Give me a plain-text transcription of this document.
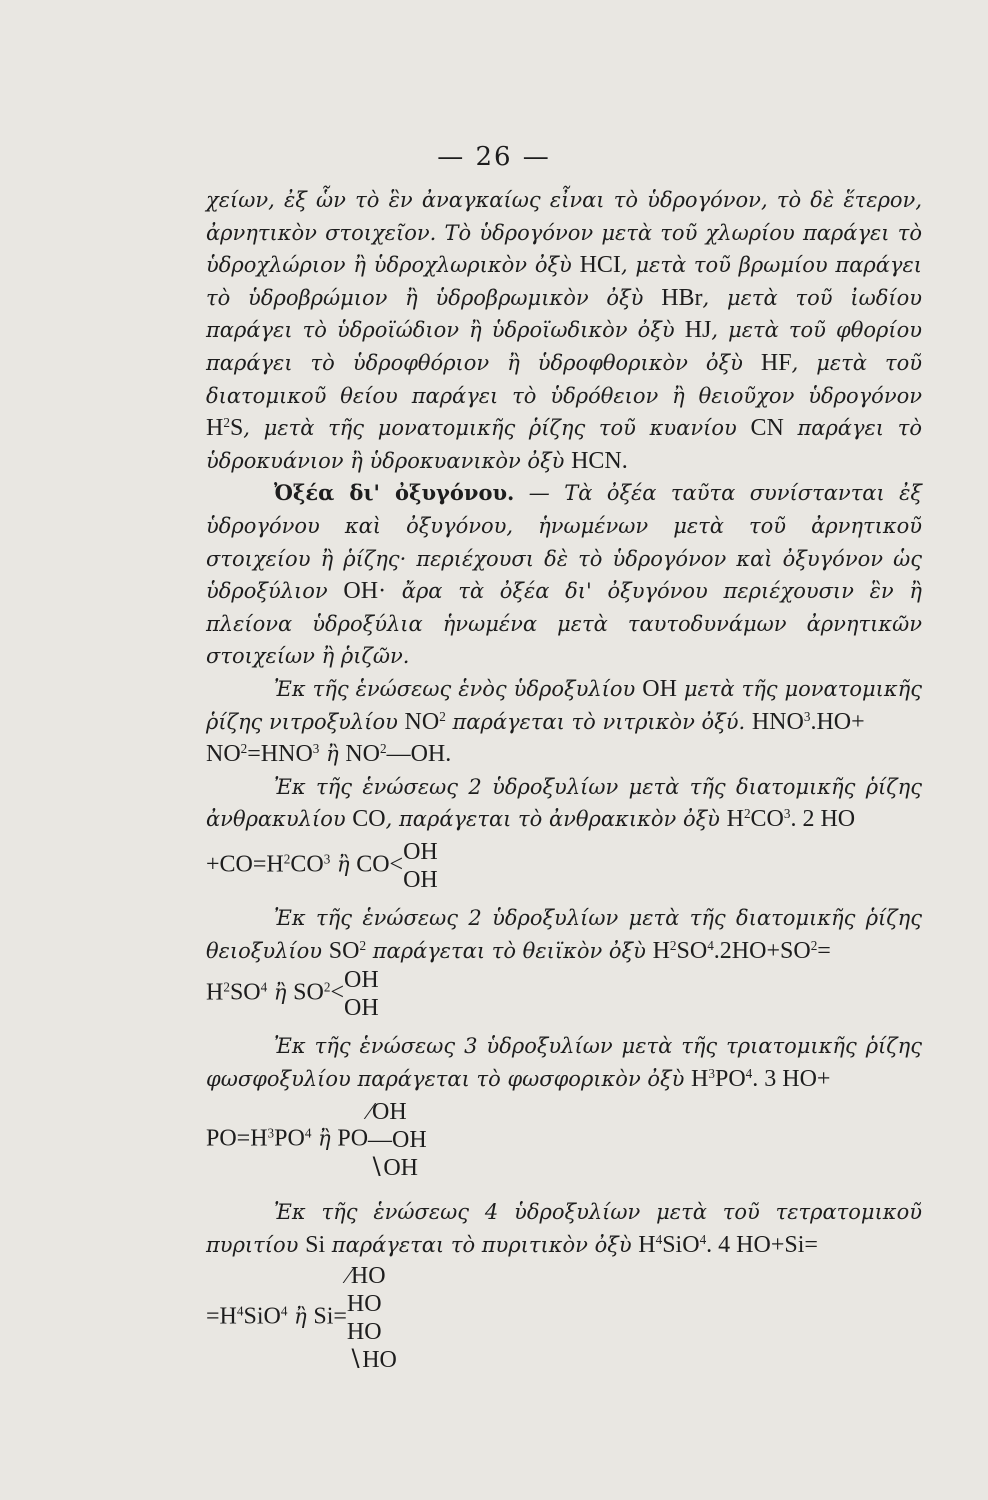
— 26 —

χείων, ἐξ ὧν τὸ ἓν ἀναγκαίως εἶναι τὸ ὑδρογόνον, τὸ δὲ ἕτερον, ἀρνητικὸν στοιχεῖον. Τὸ ὑδρογόνον μετὰ τοῦ χλωρίου παράγει τὸ ὑδροχλώριον ἢ ὑδροχλωρικὸν ὀξὺ HCI, μετὰ τοῦ βρωμίου παράγει τὸ ὑδροβρώμιον ἢ ὑδροβρωμικὸν ὀξὺ HBr, μετὰ τοῦ ἰωδίου παράγει τὸ ὑδροϊώδιον ἢ ὑδροϊωδικὸν ὀξὺ HJ, μετὰ τοῦ φθορίου παράγει τὸ ὑδροφθόριον ἢ ὑδροφθορικὸν ὀξὺ HF, μετὰ τοῦ διατομικοῦ θείου παράγει τὸ ὑδρόθειον ἢ θειοῦχον ὑδρογόνον $H^2S$, μετὰ τῆς μονατομικῆς ῥίζης τοῦ κυανίου CN παράγει τὸ ὑδροκυάνιον ἢ ὑδροκυανικὸν ὀξὺ HCN.

Ὀξέα δι' ὀξυγόνου. — Τὰ ὀξέα ταῦτα συνίστανται ἐξ ὑδρογόνου καὶ ὀξυγόνου, ἡνωμένων μετὰ τοῦ ἀρνητικοῦ στοιχείου ἢ ῥίζης· περιέχουσι δὲ τὸ ὑδρογόνον καὶ ὀξυγόνον ὡς ὑδροξύλιον OH· ἄρα τὰ ὀξέα δι' ὀξυγόνου περιέχουσιν ἓν ἢ πλείονα ὑδροξύλια ἡνωμένα μετὰ ταυτοδυνάμων ἀρνητικῶν στοιχείων ἢ ῥιζῶν.

Ἐκ τῆς ἑνώσεως ἑνὸς ὑδροξυλίου OH μετὰ τῆς μονατομικῆς ῥίζης νιτροξυλίου $NO^2$ παράγεται τὸ νιτρικὸν ὀξύ. $HNO^3.HO+$
$NO^2=HNO^3$ ἢ $NO^2—OH$.

Ἐκ τῆς ἑνώσεως 2 ὑδροξυλίων μετὰ τῆς διατομικῆς ῥίζης ἀνθρακυλίου CO, παράγεται τὸ ἀνθρακικὸν ὀξὺ $H^2CO^3$. 2 HO

$+CO=H^2CO^3$ ἢ CO<OH
OH

Ἐκ τῆς ἑνώσεως 2 ὑδροξυλίων μετὰ τῆς διατομικῆς ῥίζης θειοξυλίου $SO^2$ παράγεται τὸ θειϊκὸν ὀξὺ $H^2SO^4.2HO+SO^2=$

$H^2SO^4$ ἢ $SO^2<OH$
OH

Ἐκ τῆς ἑνώσεως 3 ὑδροξυλίων μετὰ τῆς τριατομικῆς ῥίζης φωσφοξυλίου παράγεται τὸ φωσφορικὸν ὀξὺ $H^3PO^4$. 3 HO+

$PO=H^3PO^4$ ἢ PO⁄OH
—OH
∖OH

Ἐκ τῆς ἑνώσεως 4 ὑδροξυλίων μετὰ τοῦ τετρατομικοῦ πυριτίου Si παράγεται τὸ πυριτικὸν ὀξὺ $H^4SiO^4$. 4 HO+Si=

$=H^4SiO^4$ ἢ Si=⁄HO
HO
HO
∖HO
